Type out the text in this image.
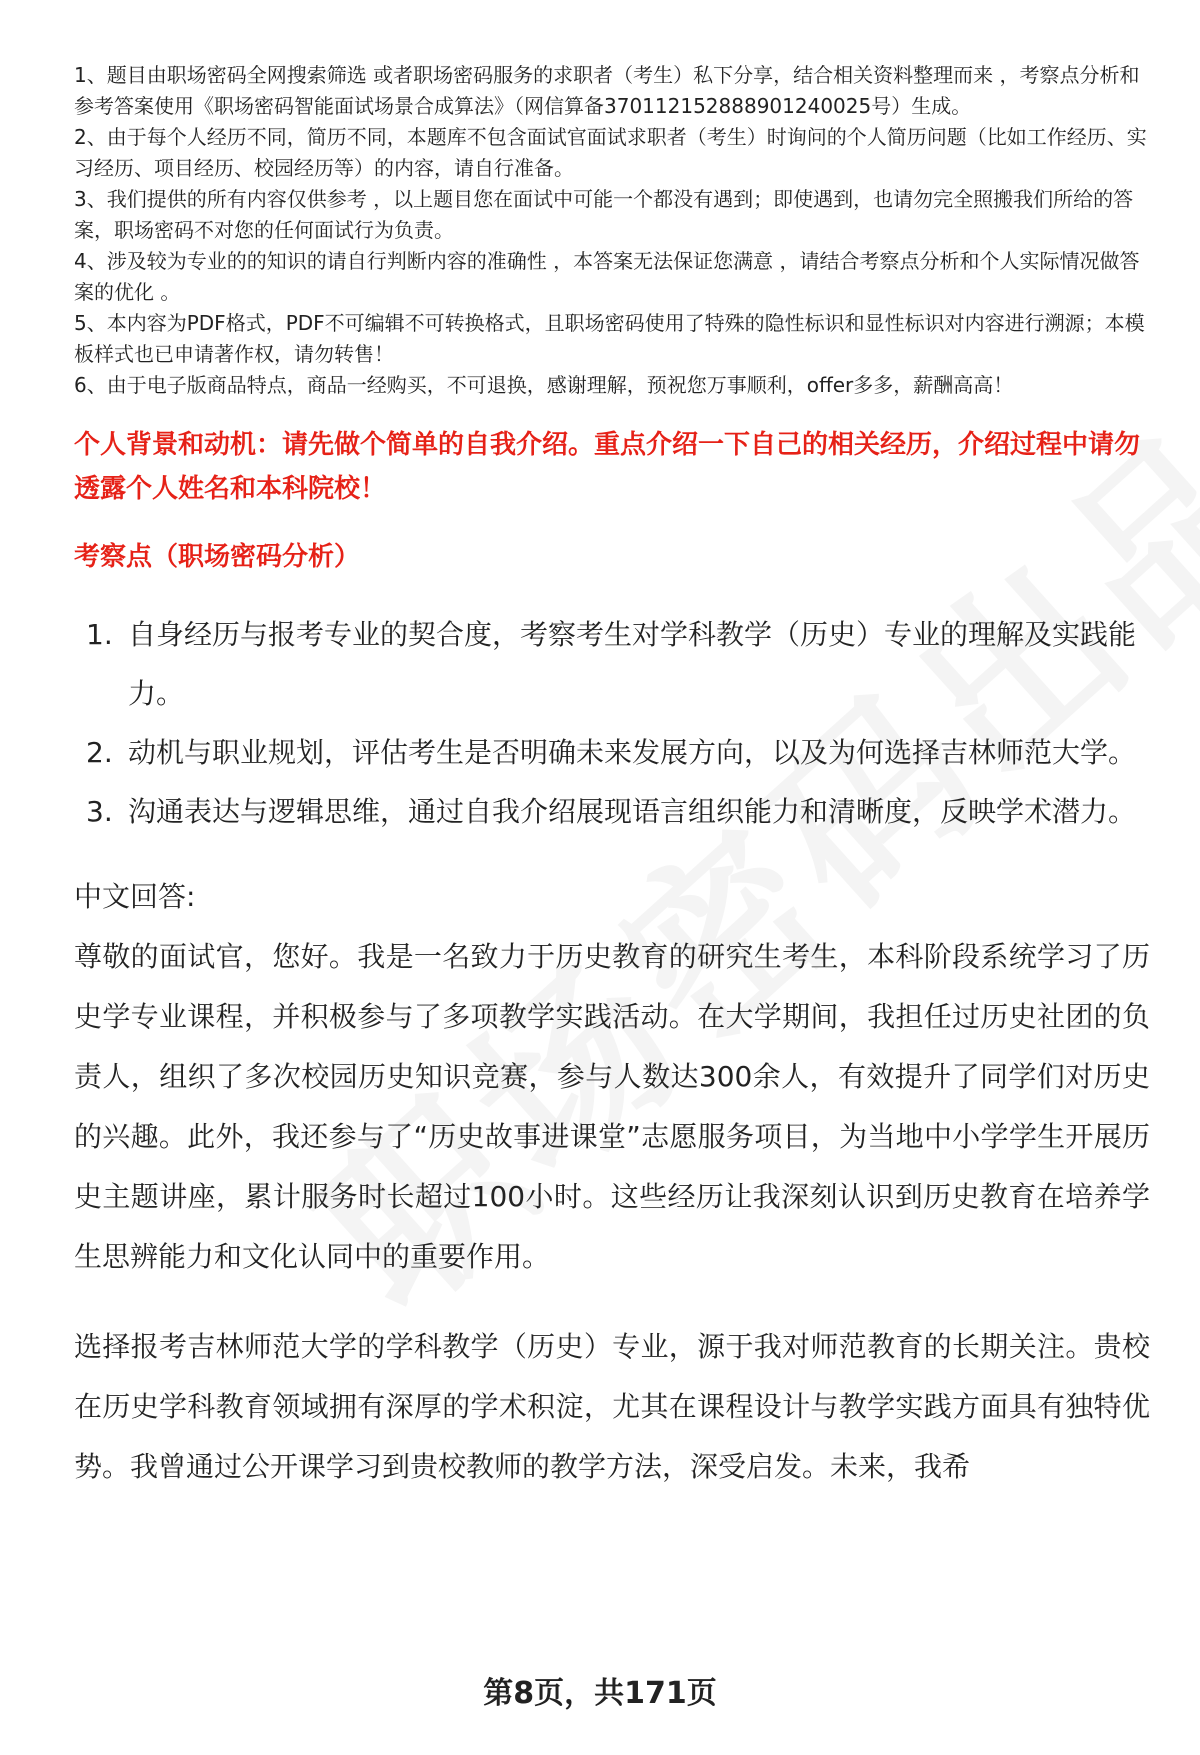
1、题目由职场密码全网搜索筛选 或者职场密码服务的求职者（考生）私下分享，结合相关资料整理而来 ，考察点分析和参考答案使用《职场密码智能面试场景合成算法》（网信算备370112152888901240025号）生成。

2、由于每个人经历不同，简历不同，本题库不包含面试官面试求职者（考生）时询问的个人简历问题（比如工作经历、实习经历、项目经历、校园经历等）的内容，请自行准备。

3、我们提供的所有内容仅供参考 ，以上题目您在面试中可能一个都没有遇到；即使遇到，也请勿完全照搬我们所给的答案，职场密码不对您的任何面试行为负责。

4、涉及较为专业的的知识的请自行判断内容的准确性 ，本答案无法保证您满意 ，请结合考察点分析和个人实际情况做答案的优化 。

5、本内容为PDF格式，PDF不可编辑不可转换格式，且职场密码使用了特殊的隐性标识和显性标识对内容进行溯源；本模板样式也已申请著作权，请勿转售！

6、由于电子版商品特点，商品一经购买，不可退换，感谢理解，预祝您万事顺利，offer多多，薪酬高高！

个人背景和动机：请先做个简单的自我介绍。重点介绍一下自己的相关经历，介绍过程中请勿透露个人姓名和本科院校！
考察点（职场密码分析）
1. 自身经历与报考专业的契合度，考察考生对学科教学（历史）专业的理解及实践能力。
2. 动机与职业规划，评估考生是否明确未来发展方向，以及为何选择吉林师范大学。
3. 沟通表达与逻辑思维，通过自我介绍展现语言组织能力和清晰度，反映学术潜力。
中文回答:

尊敬的面试官，您好。我是一名致力于历史教育的研究生考生，本科阶段系统学习了历史学专业课程，并积极参与了多项教学实践活动。在大学期间，我担任过历史社团的负责人，组织了多次校园历史知识竞赛，参与人数达300余人，有效提升了同学们对历史的兴趣。此外，我还参与了“历史故事进课堂”志愿服务项目，为当地中小学学生开展历史主题讲座，累计服务时长超过100小时。这些经历让我深刻认识到历史教育在培养学生思辨能力和文化认同中的重要作用。

选择报考吉林师范大学的学科教学（历史）专业，源于我对师范教育的长期关注。贵校在历史学科教育领域拥有深厚的学术积淀，尤其在课程设计与教学实践方面具有独特优势。我曾通过公开课学习到贵校教师的教学方法，深受启发。未来，我希

第8页，共171页
